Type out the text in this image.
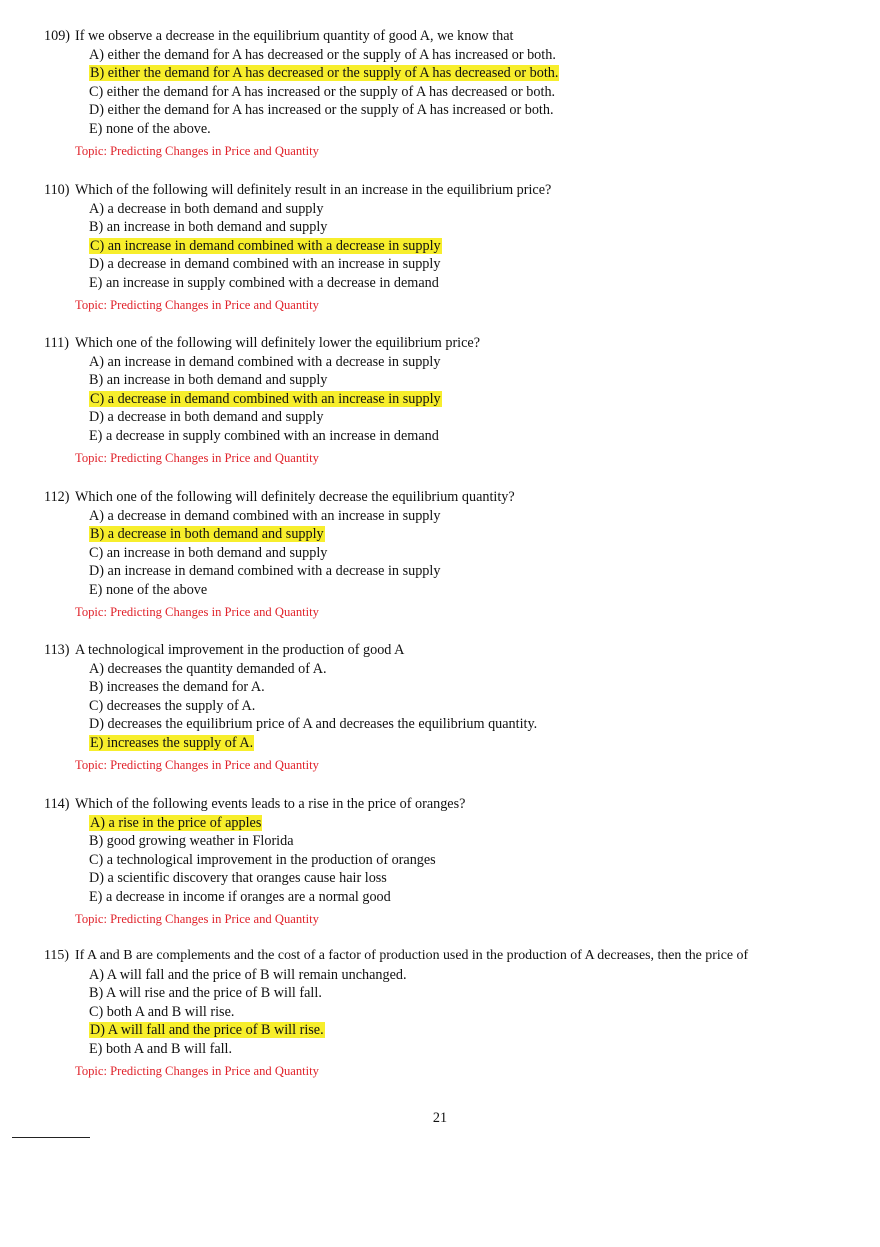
109) If we observe a decrease in the equilibrium quantity of good A, we know that
A) either the demand for A has decreased or the supply of A has increased or both.
B) either the demand for A has decreased or the supply of A has decreased or both.
C) either the demand for A has increased or the supply of A has decreased or both.
D) either the demand for A has increased or the supply of A has increased or both.
E) none of the above.
Topic: Predicting Changes in Price and Quantity
110) Which of the following will definitely result in an increase in the equilibrium price?
A) a decrease in both demand and supply
B) an increase in both demand and supply
C) an increase in demand combined with a decrease in supply
D) a decrease in demand combined with an increase in supply
E) an increase in supply combined with a decrease in demand
Topic: Predicting Changes in Price and Quantity
111) Which one of the following will definitely lower the equilibrium price?
A) an increase in demand combined with a decrease in supply
B) an increase in both demand and supply
C) a decrease in demand combined with an increase in supply
D) a decrease in both demand and supply
E) a decrease in supply combined with an increase in demand
Topic: Predicting Changes in Price and Quantity
112) Which one of the following will definitely decrease the equilibrium quantity?
A) a decrease in demand combined with an increase in supply
B) a decrease in both demand and supply
C) an increase in both demand and supply
D) an increase in demand combined with a decrease in supply
E) none of the above
Topic: Predicting Changes in Price and Quantity
113) A technological improvement in the production of good A
A) decreases the quantity demanded of A.
B) increases the demand for A.
C) decreases the supply of A.
D) decreases the equilibrium price of A and decreases the equilibrium quantity.
E) increases the supply of A.
Topic: Predicting Changes in Price and Quantity
114) Which of the following events leads to a rise in the price of oranges?
A) a rise in the price of apples
B) good growing weather in Florida
C) a technological improvement in the production of oranges
D) a scientific discovery that oranges cause hair loss
E) a decrease in income if oranges are a normal good
Topic: Predicting Changes in Price and Quantity
115) If A and B are complements and the cost of a factor of production used in the production of A decreases, then the price of
A) A will fall and the price of B will remain unchanged.
B) A will rise and the price of B will fall.
C) both A and B will rise.
D) A will fall and the price of B will rise.
E) both A and B will fall.
Topic: Predicting Changes in Price and Quantity
21
